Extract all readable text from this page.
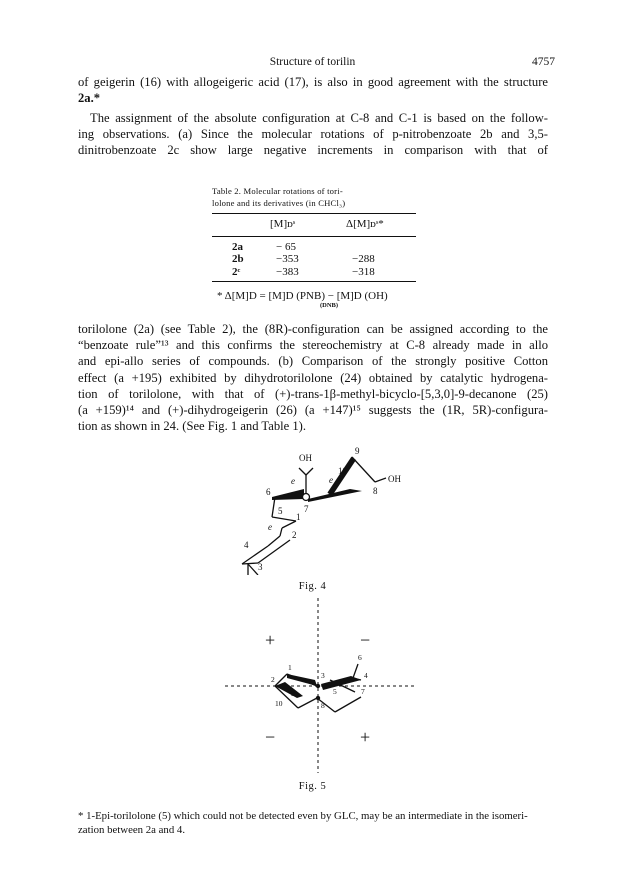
Structure of torilin	4757
of geigerin (16) with allogeigeric acid (17), is also in good agreement with the structure
2a.*
The assignment of the absolute configuration at C-8 and C-1 is based on the follow-
ing observations. (a) Since the molecular rotations of p-nitrobenzoate 2b and 3,5-
dinitrobenzoate 2c show large negative increments in comparison with that of
Table 2. Molecular rotations of tori-
lolone and its derivatives (in CHCl₃)
[M]ᴅˢ	Δ[M]ᴅˢ*
2a	− 65
2b	−353	−288
2ᶜ	−383	−318
* Δ[M]D = [M]D (PNB) − [M]D (OH)
(DNB)
torilolone (2a) (see Table 2), the (8R)-configuration can be assigned according to the
“benzoate rule”¹³ and this confirms the stereochemistry at C-8 already made in allo
and epi-allo series of compounds. (b) Comparison of the strongly positive Cotton
effect (a +195) exhibited by dihydrotorilolone (24) obtained by catalytic hydrogena-
tion of torilolone, with that of (+)-trans-1β-methyl-bicyclo-[5,3,0]-9-decanone (25)
(a +159)¹⁴ and (+)-dihydrogeigerin (26) (a +147)¹⁵ suggests the (1R, 5R)-configura-
tion as shown in 24. (See Fig. 1 and Table 1).
OH
OH
9
10
8
6
7
1
5
2
4
3
e	e
e
Fig. 4
+	−
−	+
1
2	3	4
5
6
7
8
9
10
Fig. 5
* 1-Epi-torilolone (5) which could not be detected even by GLC, may be an intermediate in the isomeri-
zation between 2a and 4.
